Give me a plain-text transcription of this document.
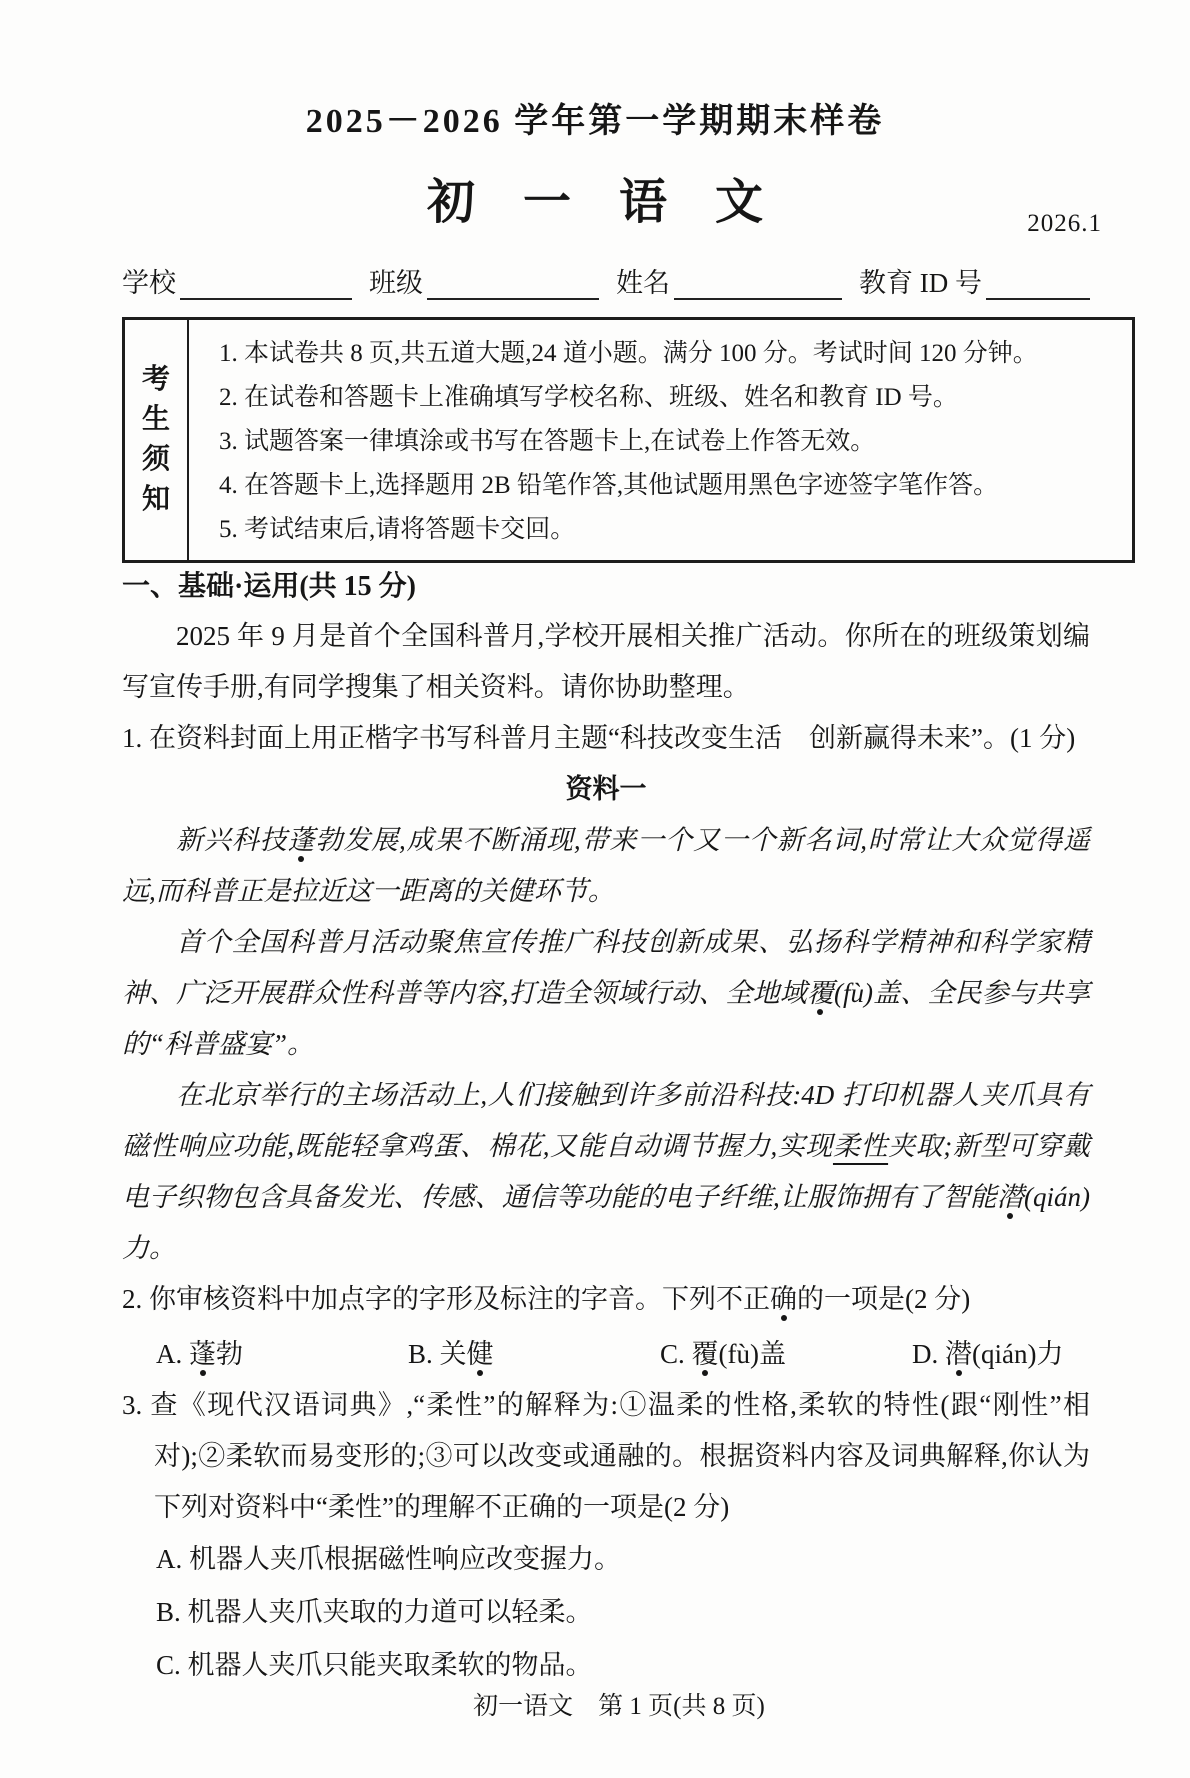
2025－2026 学年第一学期期末样卷
初　一　语　文	2026.1
学校	班级	姓名	教育 ID 号
考生须知

1. 本试卷共 8 页,共五道大题,24 道小题。满分 100 分。考试时间 120 分钟。

2. 在试卷和答题卡上准确填写学校名称、班级、姓名和教育 ID 号。

3. 试题答案一律填涂或书写在答题卡上,在试卷上作答无效。

4. 在答题卡上,选择题用 2B 铅笔作答,其他试题用黑色字迹签字笔作答。

5. 考试结束后,请将答题卡交回。

一、基础·运用(共 15 分)

2025 年 9 月是首个全国科普月,学校开展相关推广活动。你所在的班级策划编写宣传手册,有同学搜集了相关资料。请你协助整理。

1. 在资料封面上用正楷字书写科普月主题“科技改变生活　创新赢得未来”。(1 分)

资料一

新兴科技蓬勃发展,成果不断涌现,带来一个又一个新名词,时常让大众觉得遥远,而科普正是拉近这一距离的关健环节。

首个全国科普月活动聚焦宣传推广科技创新成果、弘扬科学精神和科学家精神、广泛开展群众性科普等内容,打造全领域行动、全地域覆(fù)盖、全民参与共享的“科普盛宴”。

在北京举行的主场活动上,人们接触到许多前沿科技:4D 打印机器人夹爪具有磁性响应功能,既能轻拿鸡蛋、棉花,又能自动调节握力,实现柔性夹取;新型可穿戴电子织物包含具备发光、传感、通信等功能的电子纤维,让服饰拥有了智能潜(qián)力。

2. 你审核资料中加点字的字形及标注的字音。下列不正确的一项是(2 分)

A. 蓬勃	B. 关健	C. 覆(fù)盖	D. 潜(qián)力

3. 查《现代汉语词典》,“柔性”的解释为:①温柔的性格,柔软的特性(跟“刚性”相对);②柔软而易变形的;③可以改变或通融的。根据资料内容及词典解释,你认为下列对资料中“柔性”的理解不正确的一项是(2 分)

A. 机器人夹爪根据磁性响应改变握力。

B. 机器人夹爪夹取的力道可以轻柔。

C. 机器人夹爪只能夹取柔软的物品。

初一语文　第 1 页(共 8 页)
